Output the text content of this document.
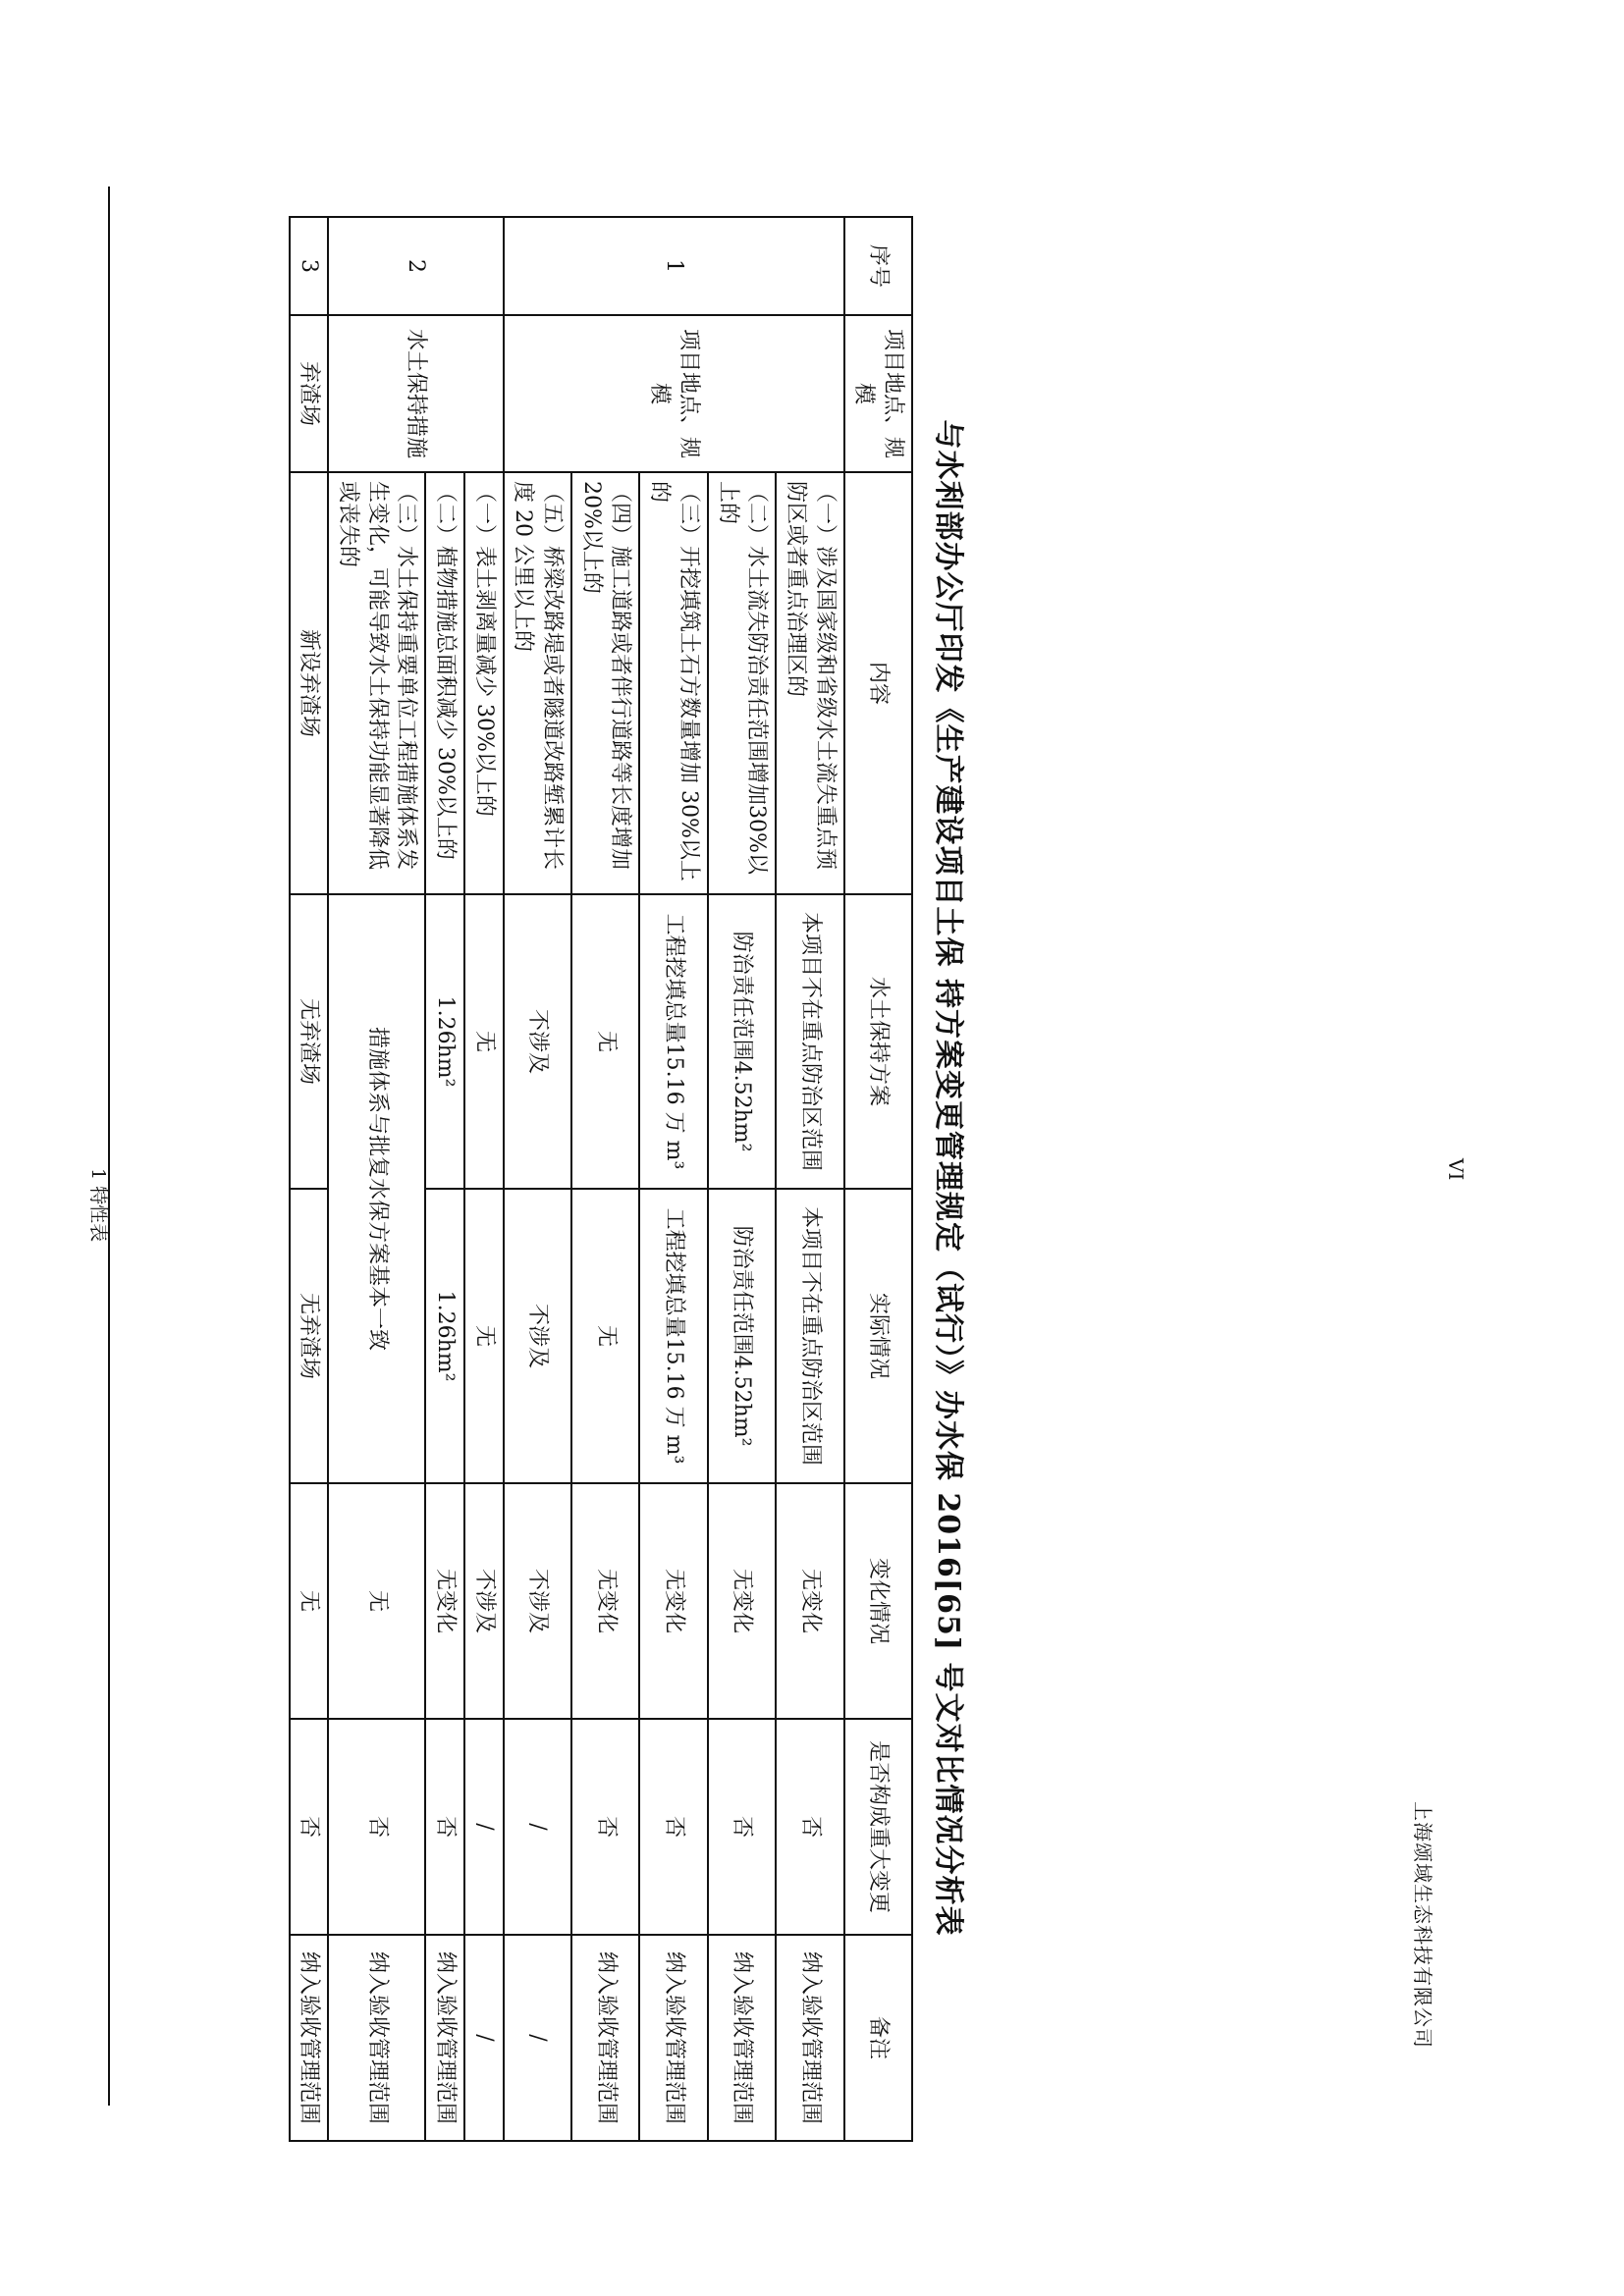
1 特性表	与水利部办公厅印发《生产建设项目土保 持方案变更管理规定（试行）》办水保 2016[65] 号文对比情况分析表
序号	项目地点、规模	内容	水土保持方案	实际情况	变化情况	是否构成重大变更	备注
1	项目地点、规模	（一）涉及国家级和省级水土流失重点预防区或者重点治理区的	本项目不在重点防治区范围	本项目不在重点防治区范围	无变化	否	纳入验收管理范围
		（二）水土流失防治责任范围增加30%以上的	防治责任范围4.52hm²	防治责任范围4.52hm²	无变化	否	纳入验收管理范围
		（三）开挖填筑土石方数量增加 30%以上的	工程挖填总量15.16 万 m³	工程挖填总量15.16 万 m³	无变化	否	纳入验收管理范围
		（四）施工道路或者伴行道路等长度增加 20%以上的	无	无	无变化	否	纳入验收管理范围
		（五）桥梁改路堤或者隧道改路堑累计长度 20 公里以上的	不涉及	不涉及	不涉及	/	/
2	水土保持措施	（一）表土剥离量减少 30%以上的	无	无	不涉及	/	/
		（二）植物措施总面积减少 30%以上的	1.26hm²	1.26hm²	无变化	否	纳入验收管理范围
		（三）水土保持重要单位工程措施体系发生变化，可能导致水土保持功能显著降低或丧失的	措施体系与批复水保方案基本一致		无	否	纳入验收管理范围
3	弃渣场	新设弃渣场	无弃渣场	无弃渣场	无	否	纳入验收管理范围
VI
上海颂域生态科技有限公司
